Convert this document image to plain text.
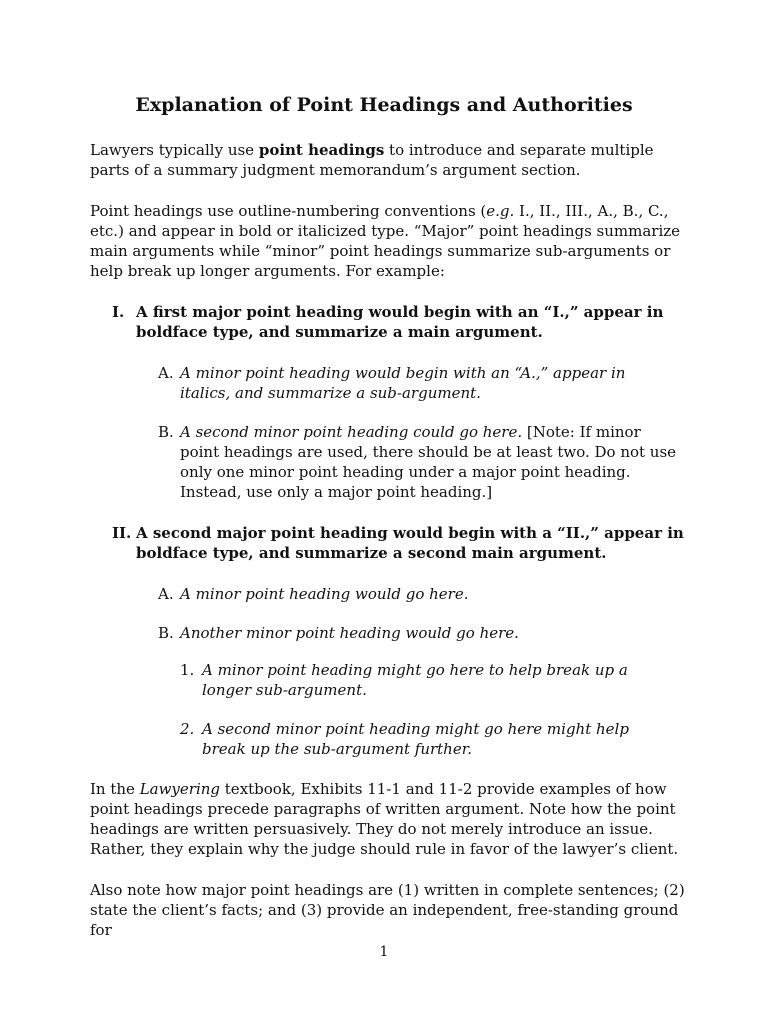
Explanation of Point Headings and Authorities

Lawyers typically use point headings to introduce and separate multiple parts of a summary judgment memorandum’s argument section.

Point headings use outline-numbering conventions (e.g. I., II., III., A., B., C., etc.) and appear in bold or italicized type. “Major” point headings summarize main arguments while “minor” point headings summarize sub-arguments or help break up longer arguments. For example:

I. A first major point heading would begin with an “I.,” appear in boldface type, and summarize a main argument.
A. A minor point heading would begin with an “A.,” appear in italics, and summarize a sub-argument.
B. A second minor point heading could go here. [Note: If minor point headings are used, there should be at least two. Do not use only one minor point heading under a major point heading. Instead, use only a major point heading.]
II. A second major point heading would begin with a “II.,” appear in boldface type, and summarize a second main argument.
A. A minor point heading would go here.
B. Another minor point heading would go here.
1. A minor point heading might go here to help break up a longer sub-argument.
2. A second minor point heading might go here might help break up the sub-argument further.

In the Lawyering textbook, Exhibits 11-1 and 11-2 provide examples of how point headings precede paragraphs of written argument. Note how the point headings are written persuasively. They do not merely introduce an issue. Rather, they explain why the judge should rule in favor of the lawyer’s client.

Also note how major point headings are (1) written in complete sentences; (2) state the client’s facts; and (3) provide an independent, free-standing ground for

1
